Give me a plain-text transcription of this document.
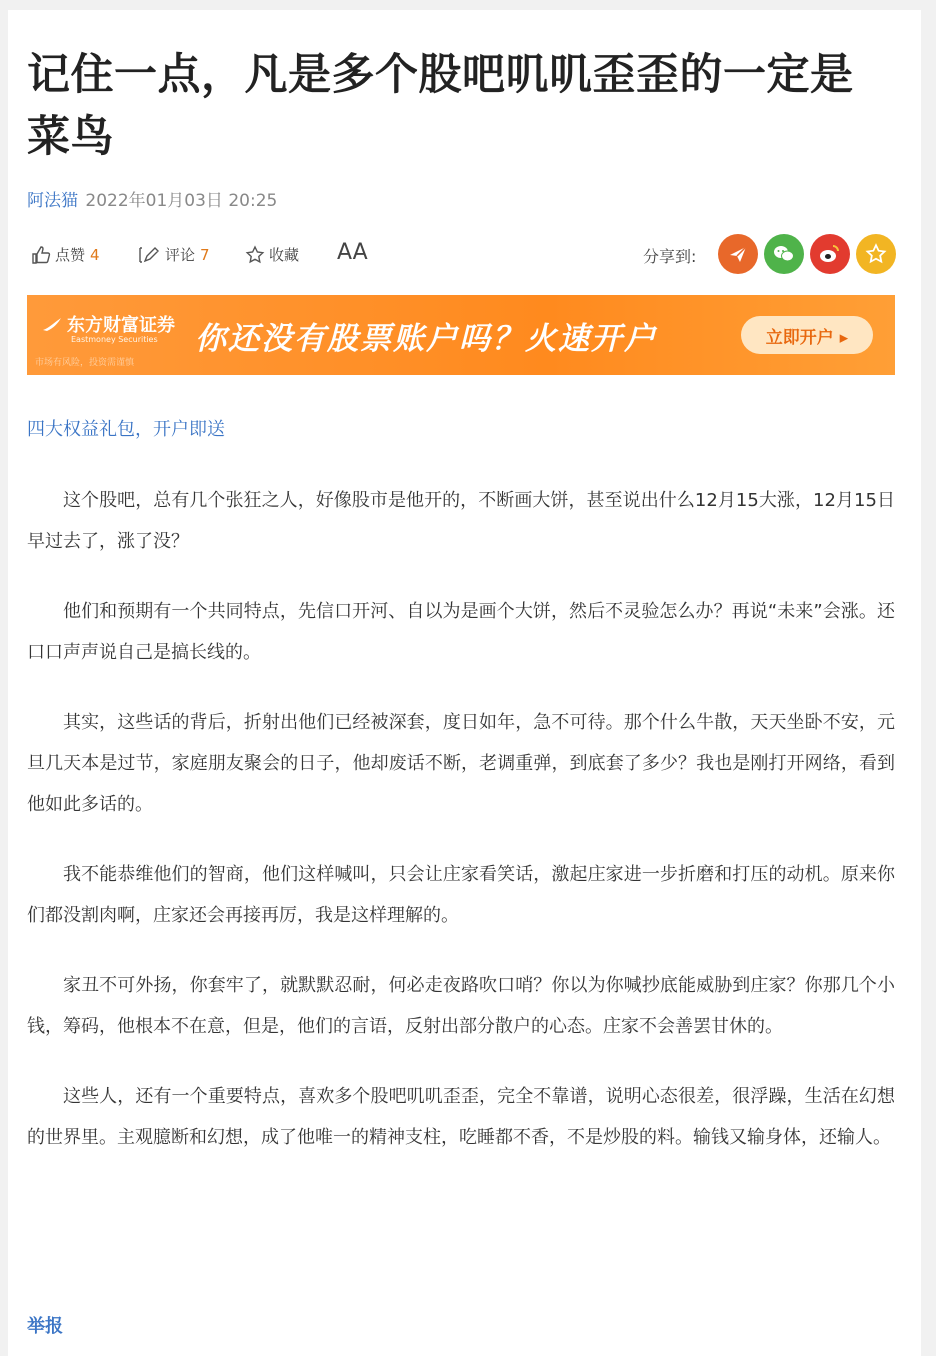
记住一点，凡是多个股吧叽叽歪歪的一定是菜鸟
阿法猫 2022年01月03日 20:25
点赞 4	评论 7	收藏 AA	分享到:
东方财富证券
Eastmoney Securities
市场有风险，投资需谨慎
你还没有股票账户吗？火速开户	立即开户 ▸
四大权益礼包，开户即送

这个股吧，总有几个张狂之人，好像股市是他开的，不断画大饼，甚至说出什么12月15大涨，12月15日早过去了，涨了没？

他们和预期有一个共同特点，先信口开河、自以为是画个大饼，然后不灵验怎么办？再说“未来”会涨。还口口声声说自己是搞长线的。

其实，这些话的背后，折射出他们已经被深套，度日如年，急不可待。那个什么牛散，天天坐卧不安，元旦几天本是过节，家庭朋友聚会的日子，他却废话不断，老调重弹，到底套了多少？我也是刚打开网络，看到他如此多话的。

我不能恭维他们的智商，他们这样喊叫，只会让庄家看笑话，激起庄家进一步折磨和打压的动机。原来你们都没割肉啊，庄家还会再接再厉，我是这样理解的。

家丑不可外扬，你套牢了，就默默忍耐，何必走夜路吹口哨？你以为你喊抄底能威胁到庄家？你那几个小钱，筹码，他根本不在意，但是，他们的言语，反射出部分散户的心态。庄家不会善罢甘休的。

这些人，还有一个重要特点，喜欢多个股吧叽叽歪歪，完全不靠谱，说明心态很差，很浮躁，生活在幻想的世界里。主观臆断和幻想，成了他唯一的精神支柱，吃睡都不香，不是炒股的料。输钱又输身体，还输人。

举报
